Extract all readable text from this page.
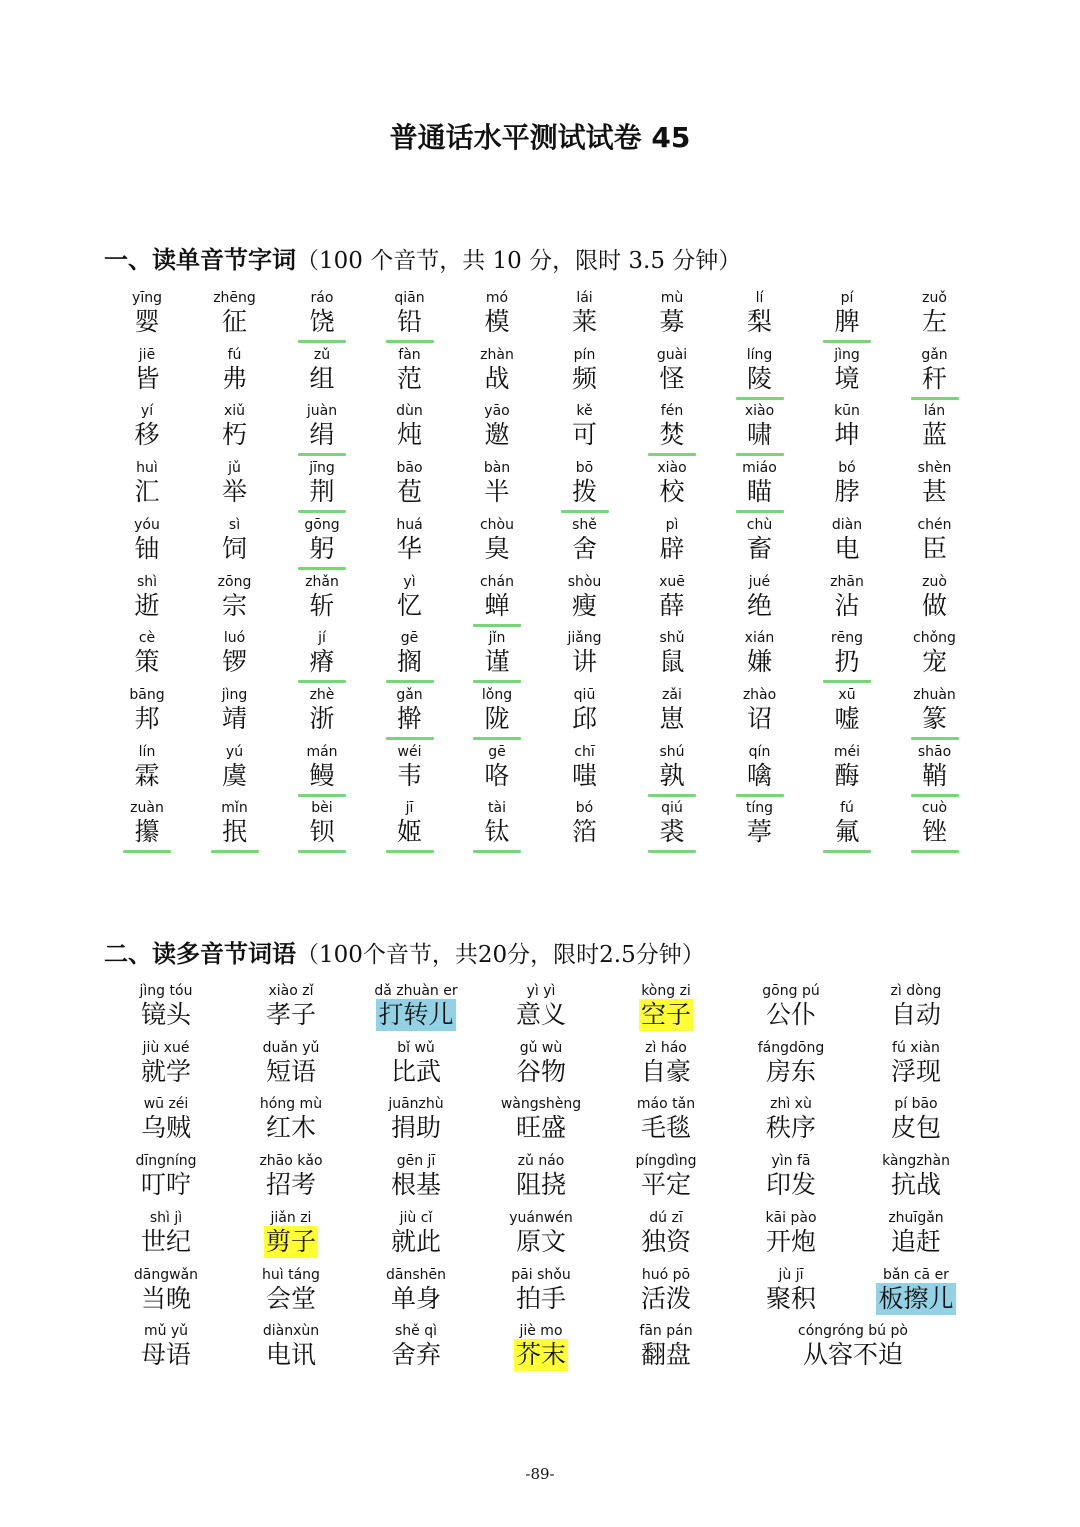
普通话水平测试试卷 45
一、读单音节字词（100 个音节，共 10 分，限时 3.5 分钟）
yīng
婴
zhēng
征
ráo
饶
qiān
铅
mó
模
lái
莱
mù
募
lí
梨
pí
脾
zuǒ
左
jiē
皆
fú
弗
zǔ
组
fàn
范
zhàn
战
pín
频
guài
怪
líng
陵
jìng
境
gǎn
秆
yí
移
xiǔ
朽
juàn
绢
dùn
炖
yāo
邀
kě
可
fén
焚
xiào
啸
kūn
坤
lán
蓝
huì
汇
jǔ
举
jīng
荆
bāo
苞
bàn
半
bō
拨
xiào
校
miáo
瞄
bó
脖
shèn
甚
yóu
铀
sì
饲
gōng
躬
huá
华
chòu
臭
shě
舍
pì
辟
chù
畜
diàn
电
chén
臣
shì
逝
zōng
宗
zhǎn
斩
yì
忆
chán
蝉
shòu
瘦
xuē
薛
jué
绝
zhān
沾
zuò
做
cè
策
luó
锣
jí
瘠
gē
搁
jǐn
谨
jiǎng
讲
shǔ
鼠
xián
嫌
rēng
扔
chǒng
宠
bāng
邦
jìng
靖
zhè
浙
gǎn
擀
lǒng
陇
qiū
邱
zǎi
崽
zhào
诏
xū
嘘
zhuàn
篆
lín
霖
yú
虞
mán
鳗
wéi
韦
gē
咯
chī
嗤
shú
孰
qín
噙
méi
酶
shāo
鞘
zuàn
攥
mǐn
抿
bèi
钡
jī
姬
tài
钛
bó
箔
qiú
裘
tíng
葶
fú
氟
cuò
锉
二、读多音节词语（100个音节，共20分，限时2.5分钟）
jìng tóu
镜头
xiào zǐ
孝子
dǎ zhuàn er
打转儿
yì yì
意义
kòng zi
空子
gōng pú
公仆
zì dòng
自动
jiù xué
就学
duǎn yǔ
短语
bǐ wǔ
比武
gǔ wù
谷物
zì háo
自豪
fángdōng
房东
fú xiàn
浮现
wū zéi
乌贼
hóng mù
红木
juānzhù
捐助
wàngshèng
旺盛
máo tǎn
毛毯
zhì xù
秩序
pí bāo
皮包
dīngníng
叮咛
zhāo kǎo
招考
gēn jī
根基
zǔ náo
阻挠
píngdìng
平定
yìn fā
印发
kàngzhàn
抗战
shì jì
世纪
jiǎn zi
剪子
jiù cǐ
就此
yuánwén
原文
dú zī
独资
kāi pào
开炮
zhuīgǎn
追赶
dāngwǎn
当晚
huì táng
会堂
dānshēn
单身
pāi shǒu
拍手
huó pō
活泼
jù jī
聚积
bǎn cā er
板擦儿
mǔ yǔ
母语
diànxùn
电讯
shě qì
舍弃
jiè mo
芥末
fān pán
翻盘
cóngróng bú pò
从容不迫
-89-
